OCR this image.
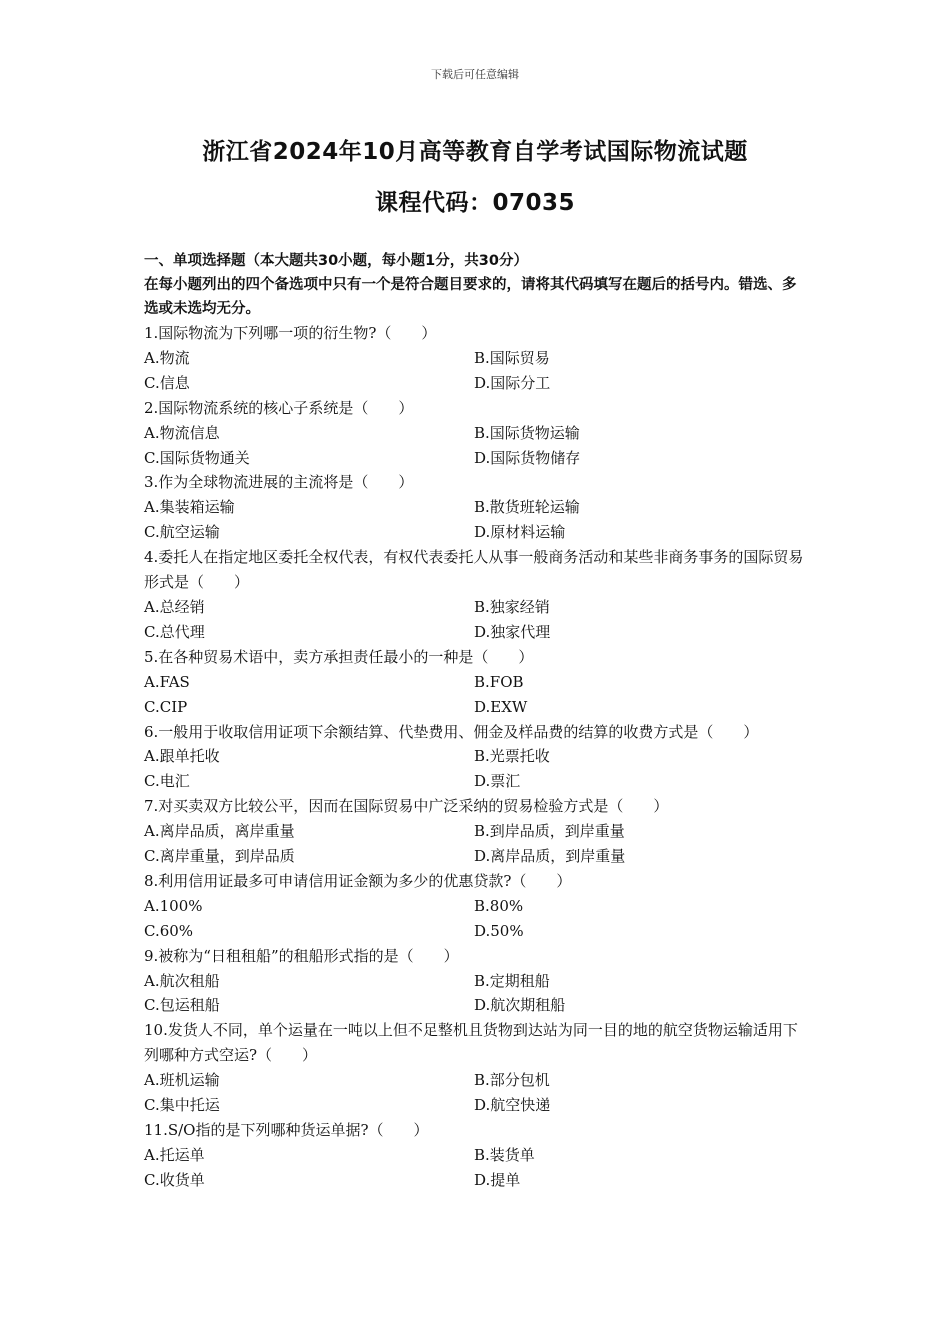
下载后可任意编辑
浙江省2024年10月高等教育自学考试国际物流试题
课程代码：07035
一、单项选择题（本大题共30小题，每小题1分，共30分）
在每小题列出的四个备选项中只有一个是符合题目要求的，请将其代码填写在题后的括号内。错选、多选或未选均无分。
1.国际物流为下列哪一项的衍生物?（　　）
A.物流	B.国际贸易
C.信息	D.国际分工
2.国际物流系统的核心子系统是（　　）
A.物流信息	B.国际货物运输
C.国际货物通关	D.国际货物储存
3.作为全球物流进展的主流将是（　　）
A.集装箱运输	B.散货班轮运输
C.航空运输	D.原材料运输
4.委托人在指定地区委托全权代表，有权代表委托人从事一般商务活动和某些非商务事务的国际贸易形式是（　　）
A.总经销	B.独家经销
C.总代理	D.独家代理
5.在各种贸易术语中，卖方承担责任最小的一种是（　　）
A.FAS	B.FOB
C.CIP	D.EXW
6.一般用于收取信用证项下余额结算、代垫费用、佣金及样品费的结算的收费方式是（　　）
A.跟单托收	B.光票托收
C.电汇	D.票汇
7.对买卖双方比较公平，因而在国际贸易中广泛采纳的贸易检验方式是（　　）
A.离岸品质，离岸重量	B.到岸品质，到岸重量
C.离岸重量，到岸品质	D.离岸品质，到岸重量
8.利用信用证最多可申请信用证金额为多少的优惠贷款?（　　）
A.100%	B.80%
C.60%	D.50%
9.被称为“日租租船”的租船形式指的是（　　）
A.航次租船	B.定期租船
C.包运租船	D.航次期租船
10.发货人不同，单个运量在一吨以上但不足整机且货物到达站为同一目的地的航空货物运输适用下列哪种方式空运?（　　）
A.班机运输	B.部分包机
C.集中托运	D.航空快递
11.S/O指的是下列哪种货运单据?（　　）
A.托运单	B.装货单
C.收货单	D.提单
